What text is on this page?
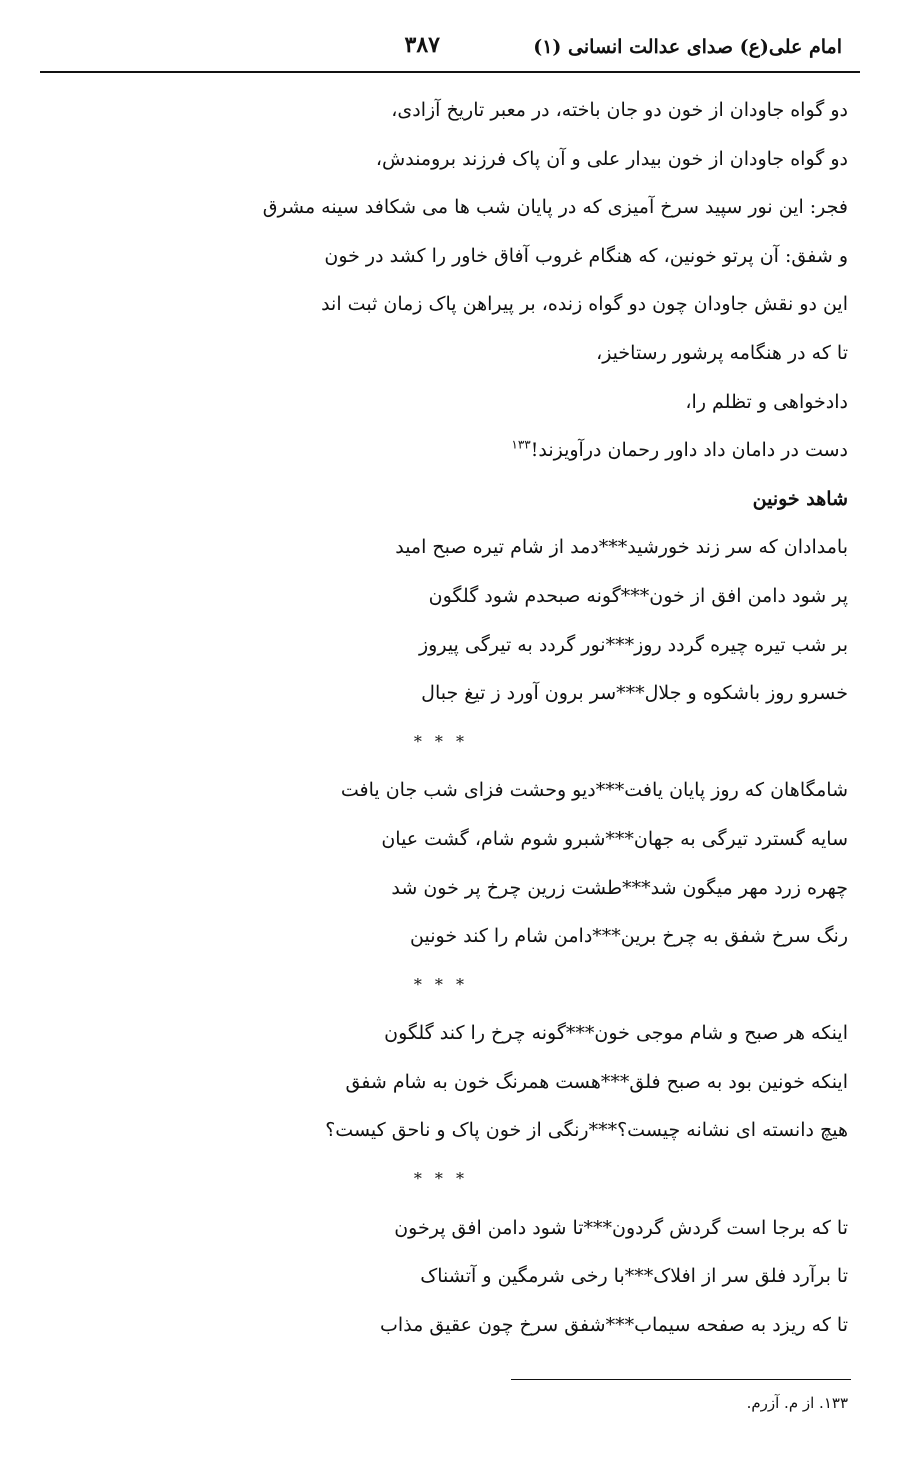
امام علی(ع) صدای عدالت انسانی (۱)
۳۸۷
دو گواه جاودان از خون دو جان باخته، در معبر تاریخ آزادی،
دو گواه جاودان از خون بیدار علی و آن پاک فرزند برومندش،
فجر: این نور سپید سرخ آمیزی که در پایان شب ها می شکافد سینه مشرق
و شفق: آن پرتو خونین، که هنگام غروب آفاق خاور را کشد در خون
این دو نقش جاودان چون دو گواه زنده، بر پیراهن پاک زمان ثبت اند
تا که در هنگامه پرشور رستاخیز،
دادخواهی و تظلم را،
دست در دامان داد داور رحمان درآویزند!$^{۱۳۳}$
شاهد خونین
بامدادان که سر زند خورشید***دمد از شام تیره صبح امید
پر شود دامن افق از خون***گونه صبحدم شود گلگون
بر شب تیره چیره گردد روز***نور گردد به تیرگی پیروز
خسرو روز باشکوه و جلال***سر برون آورد ز تیغ جبال
* * *
شامگاهان که روز پایان یافت***دیو وحشت فزای شب جان یافت
سایه گسترد تیرگی به جهان***شبرو شوم شام، گشت عیان
چهره زرد مهر میگون شد***طشت زرین چرخ پر خون شد
رنگ سرخ شفق به چرخ برین***دامن شام را کند خونین
* * *
اینکه هر صبح و شام موجی خون***گونه چرخ را کند گلگون
اینکه خونین بود به صبح فلق***هست همرنگ خون به شام شفق
هیچ دانسته ای نشانه چیست؟***رنگی از خون پاک و ناحق کیست؟
* * *
تا که برجا است گردش گردون***تا شود دامن افق پرخون
تا برآرد فلق سر از افلاک***با رخی شرمگین و آتشناک
تا که ریزد به صفحه سیماب***شفق سرخ چون عقیق مذاب
۱۳۳. از م. آزرم.
